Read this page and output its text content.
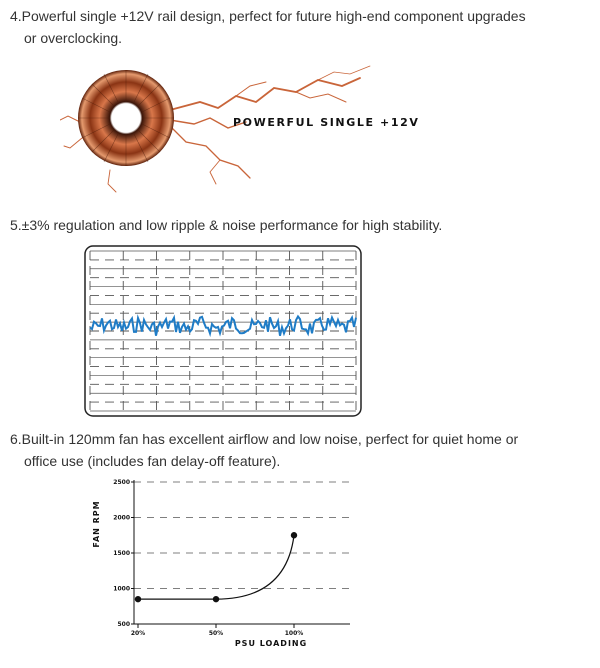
4.Powerful single +12V rail design, perfect for future high-end component upgrades
or overclocking.
POWERFUL SINGLE +12V
5.±3% regulation and low ripple & noise performance for high stability.
6.Built-in 120mm fan has excellent airflow and low noise, perfect for quiet home or
office use (includes fan delay-off feature).
FAN RPM
500
1000
1500
2000
2500
20%	50%	100%
PSU LOADING
